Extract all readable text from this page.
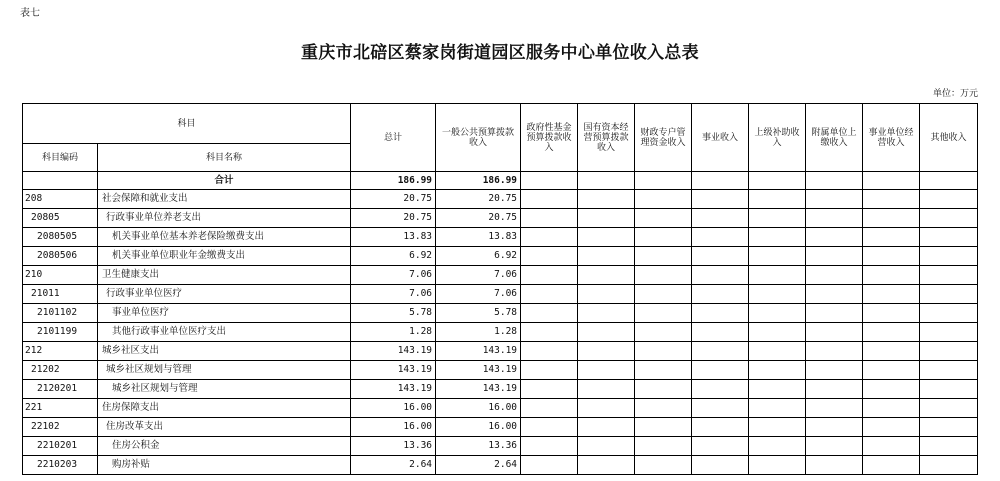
表七
重庆市北碚区蔡家岗街道园区服务中心单位收入总表
单位：万元
科目		总计	一般公共预算拨款收入	政府性基金预算拨款收入	国有资本经营预算拨款收入	财政专户管理资金收入	事业收入	上级补助收入	附属单位上缴收入	事业单位经营收入	其他收入
科目编码	科目名称										
	合计	186.99	186.99								
208	社会保障和就业支出	20.75	20.75								
20805	行政事业单位养老支出	20.75	20.75								
2080505	机关事业单位基本养老保险缴费支出	13.83	13.83								
2080506	机关事业单位职业年金缴费支出	6.92	6.92								
210	卫生健康支出	7.06	7.06								
21011	行政事业单位医疗	7.06	7.06								
2101102	事业单位医疗	5.78	5.78								
2101199	其他行政事业单位医疗支出	1.28	1.28								
212	城乡社区支出	143.19	143.19								
21202	城乡社区规划与管理	143.19	143.19								
2120201	城乡社区规划与管理	143.19	143.19								
221	住房保障支出	16.00	16.00								
22102	住房改革支出	16.00	16.00								
2210201	住房公积金	13.36	13.36								
2210203	购房补贴	2.64	2.64								
